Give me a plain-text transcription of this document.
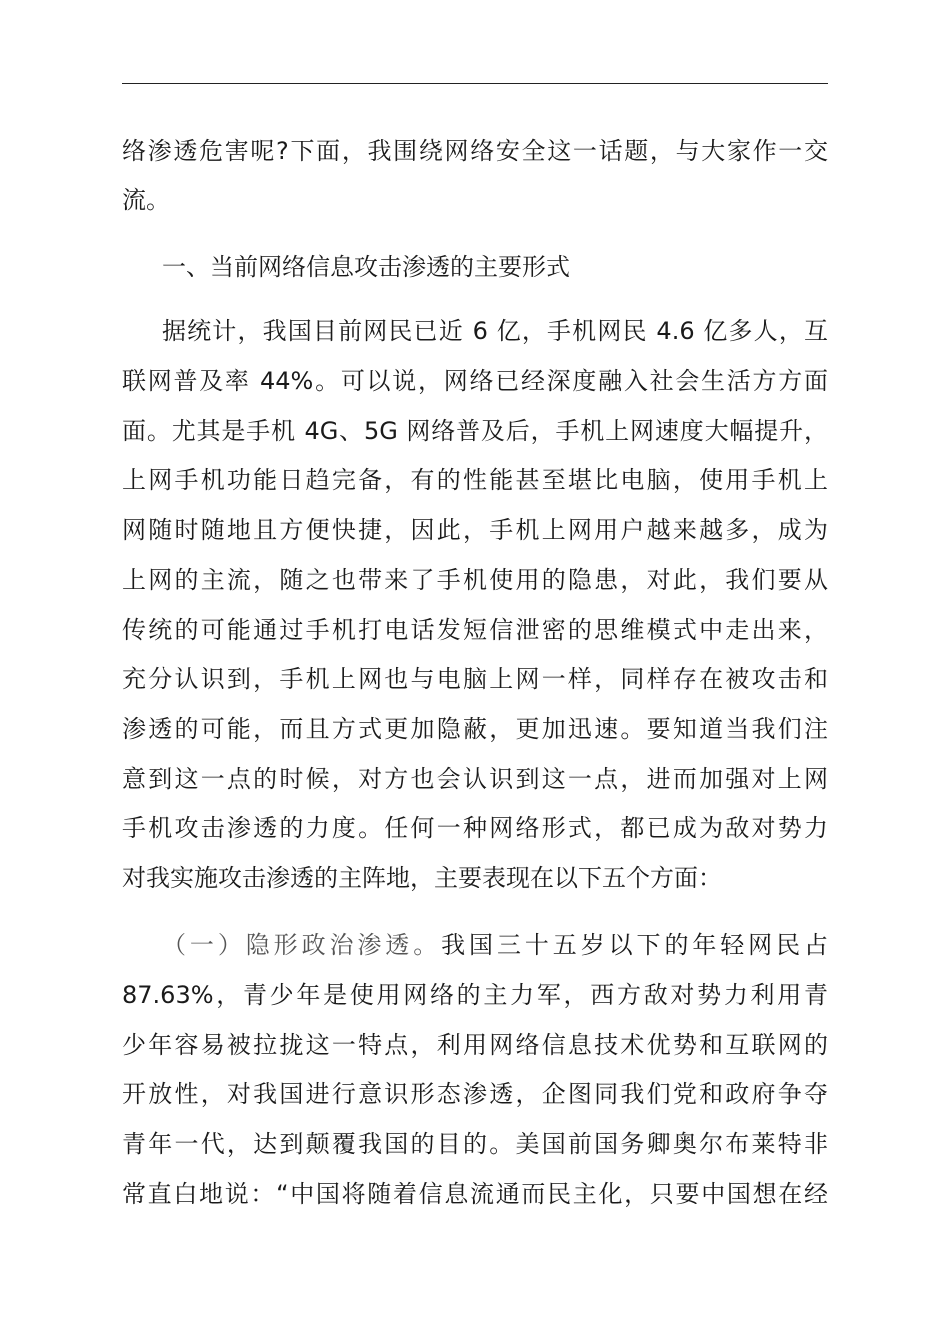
络渗透危害呢?下面，我围绕网络安全这一话题，与大家作一交
流。
一、当前网络信息攻击渗透的主要形式
据统计，我国目前网民已近 6 亿，手机网民 4.6 亿多人，互
联网普及率 44%。可以说，网络已经深度融入社会生活方方面
面。尤其是手机 4G、5G 网络普及后，手机上网速度大幅提升，
上网手机功能日趋完备，有的性能甚至堪比电脑，使用手机上
网随时随地且方便快捷，因此，手机上网用户越来越多，成为
上网的主流，随之也带来了手机使用的隐患，对此，我们要从
传统的可能通过手机打电话发短信泄密的思维模式中走出来，
充分认识到，手机上网也与电脑上网一样，同样存在被攻击和
渗透的可能，而且方式更加隐蔽，更加迅速。要知道当我们注
意到这一点的时候，对方也会认识到这一点，进而加强对上网
手机攻击渗透的力度。任何一种网络形式，都已成为敌对势力
对我实施攻击渗透的主阵地，主要表现在以下五个方面：
（一）隐形政治渗透。我国三十五岁以下的年轻网民占
87.63%，青少年是使用网络的主力军，西方敌对势力利用青
少年容易被拉拢这一特点，利用网络信息技术优势和互联网的
开放性，对我国进行意识形态渗透，企图同我们党和政府争夺
青年一代，达到颠覆我国的目的。美国前国务卿奥尔布莱特非
常直白地说：“中国将随着信息流通而民主化，只要中国想在经
